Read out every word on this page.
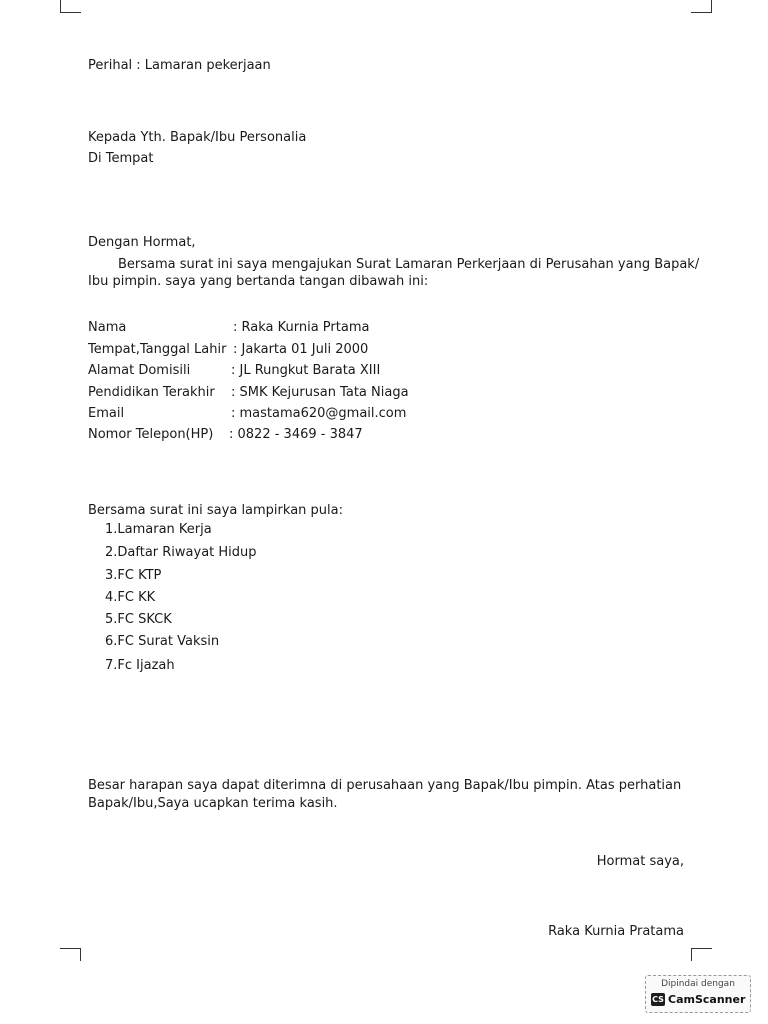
Perihal : Lamaran pekerjaan
Kepada Yth. Bapak/Ibu Personalia
Di Tempat
Dengan Hormat,
Bersama surat ini saya mengajukan Surat Lamaran Perkerjaan di Perusahan yang Bapak/
Ibu pimpin. saya yang bertanda tangan dibawah ini:
Nama	: Raka Kurnia Prtama
Tempat,Tanggal Lahir : Jakarta 01 Juli 2000
Alamat Domisili	: JL Rungkut Barata XIII
Pendidikan Terakhir : SMK Kejurusan Tata Niaga
Email	: mastama620@gmail.com
Nomor Telepon(HP) : 0822 - 3469 - 3847
Bersama surat ini saya lampirkan pula:
1.Lamaran Kerja
2.Daftar Riwayat Hidup
3.FC KTP
4.FC KK
5.FC SKCK
6.FC Surat Vaksin
7.Fc Ijazah
Besar harapan saya dapat diterimna di perusahaan yang Bapak/Ibu pimpin. Atas perhatian
Bapak/Ibu,Saya ucapkan terima kasih.
Hormat saya,
Raka Kurnia Pratama
Dipindai dengan
CS CamScanner
